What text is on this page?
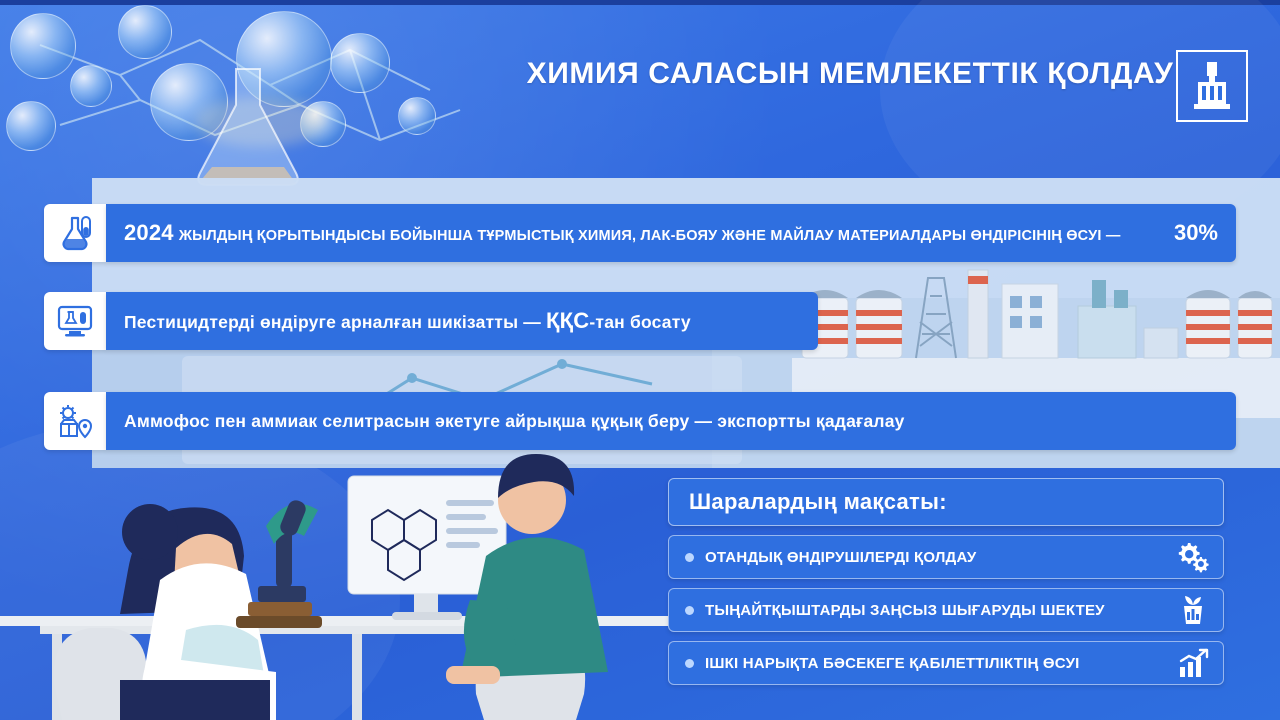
ХИМИЯ САЛАСЫН МЕМЛЕКЕТТІК ҚОЛДАУ
2024 ЖЫЛДЫҢ ҚОРЫТЫНДЫСЫ БОЙЫНША ТҰРМЫСТЫҚ ХИМИЯ, ЛАК-БОЯУ ЖӘНЕ МАЙЛАУ МАТЕРИАЛДАРЫ ӨНДІРІСІНІҢ ӨСУІ — 30%
Пестицидтерді өндіруге арналған шикізатты — ҚҚС-тан босату
Аммофос пен аммиак селитрасын әкетуге айрықша құқық беру — экспортты қадағалау
Шаралардың мақсаты:
ОТАНДЫҚ ӨНДІРУШІЛЕРДІ ҚОЛДАУ
ТЫҢАЙТҚЫШТАРДЫ ЗАҢСЫЗ ШЫҒАРУДЫ ШЕКТЕУ
ІШКІ НАРЫҚТА БӘСЕКЕГЕ ҚАБІЛЕТТІЛІКТІҢ ӨСУІ
